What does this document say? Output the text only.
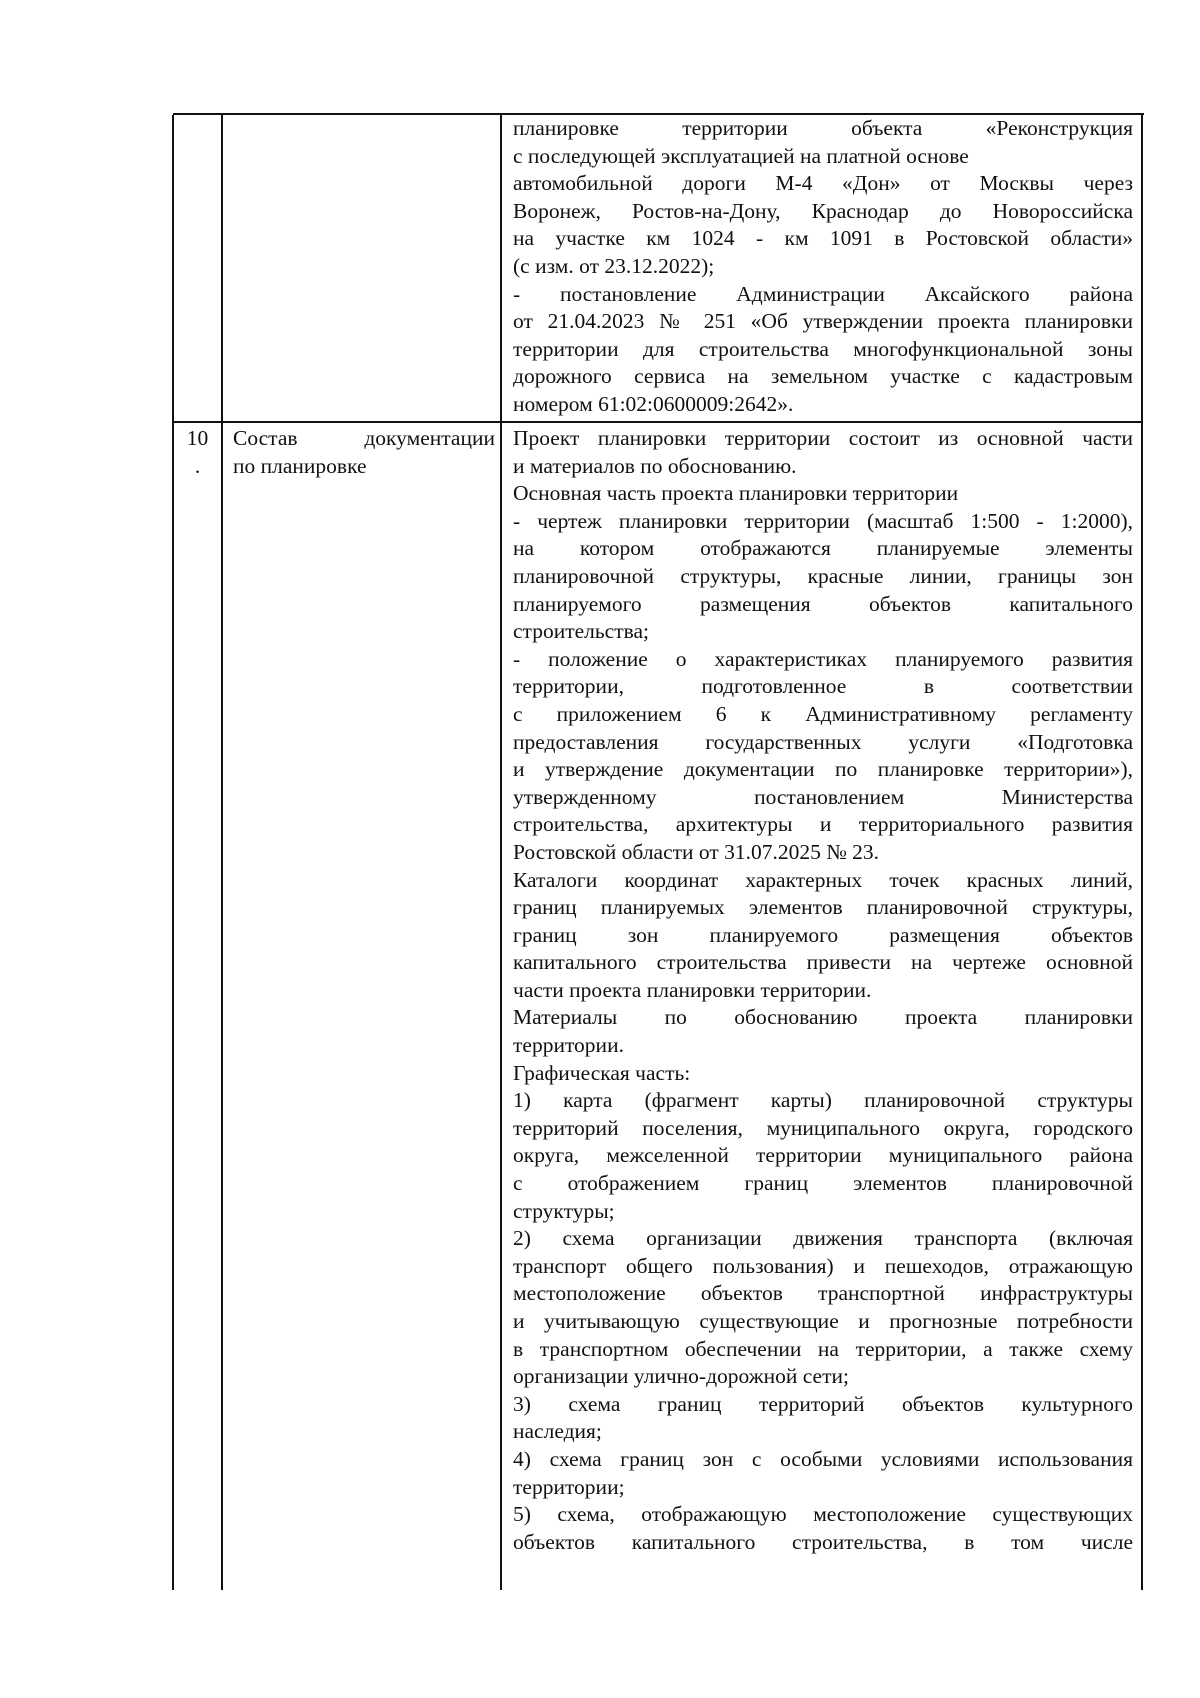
планировке территории объекта «Реконструкция
с последующей эксплуатацией на платной основе
автомобильной дороги М-4 «Дон» от Москвы через
Воронеж, Ростов-на-Дону, Краснодар до Новороссийска
на участке км 1024 - км 1091 в Ростовской области»
(с изм. от 23.12.2022);
- постановление Администрации Аксайского района
от 21.04.2023 № 251 «Об утверждении проекта планировки
территории для строительства многофункциональной зоны
дорожного сервиса на земельном участке с кадастровым
номером 61:02:0600009:2642».
10
.
Состав документации
по планировке
Проект планировки территории состоит из основной части
и материалов по обоснованию.
Основная часть проекта планировки территории
- чертеж планировки территории (масштаб 1:500 - 1:2000),
на котором отображаются планируемые элементы
планировочной структуры, красные линии, границы зон
планируемого размещения объектов капитального
строительства;
- положение о характеристиках планируемого развития
территории, подготовленное в соответствии
с приложением 6 к Административному регламенту
предоставления государственных услуги «Подготовка
и утверждение документации по планировке территории»),
утвержденному постановлением Министерства
строительства, архитектуры и территориального развития
Ростовской области от 31.07.2025 № 23.
Каталоги координат характерных точек красных линий,
границ планируемых элементов планировочной структуры,
границ зон планируемого размещения объектов
капитального строительства привести на чертеже основной
части проекта планировки территории.
Материалы по обоснованию проекта планировки
территории.
Графическая часть:
1) карта (фрагмент карты) планировочной структуры
территорий поселения, муниципального округа, городского
округа, межселенной территории муниципального района
с отображением границ элементов планировочной
структуры;
2) схема организации движения транспорта (включая
транспорт общего пользования) и пешеходов, отражающую
местоположение объектов транспортной инфраструктуры
и учитывающую существующие и прогнозные потребности
в транспортном обеспечении на территории, а также схему
организации улично-дорожной сети;
3) схема границ территорий объектов культурного
наследия;
4) схема границ зон с особыми условиями использования
территории;
5) схема, отображающую местоположение существующих
объектов капитального строительства, в том числе
